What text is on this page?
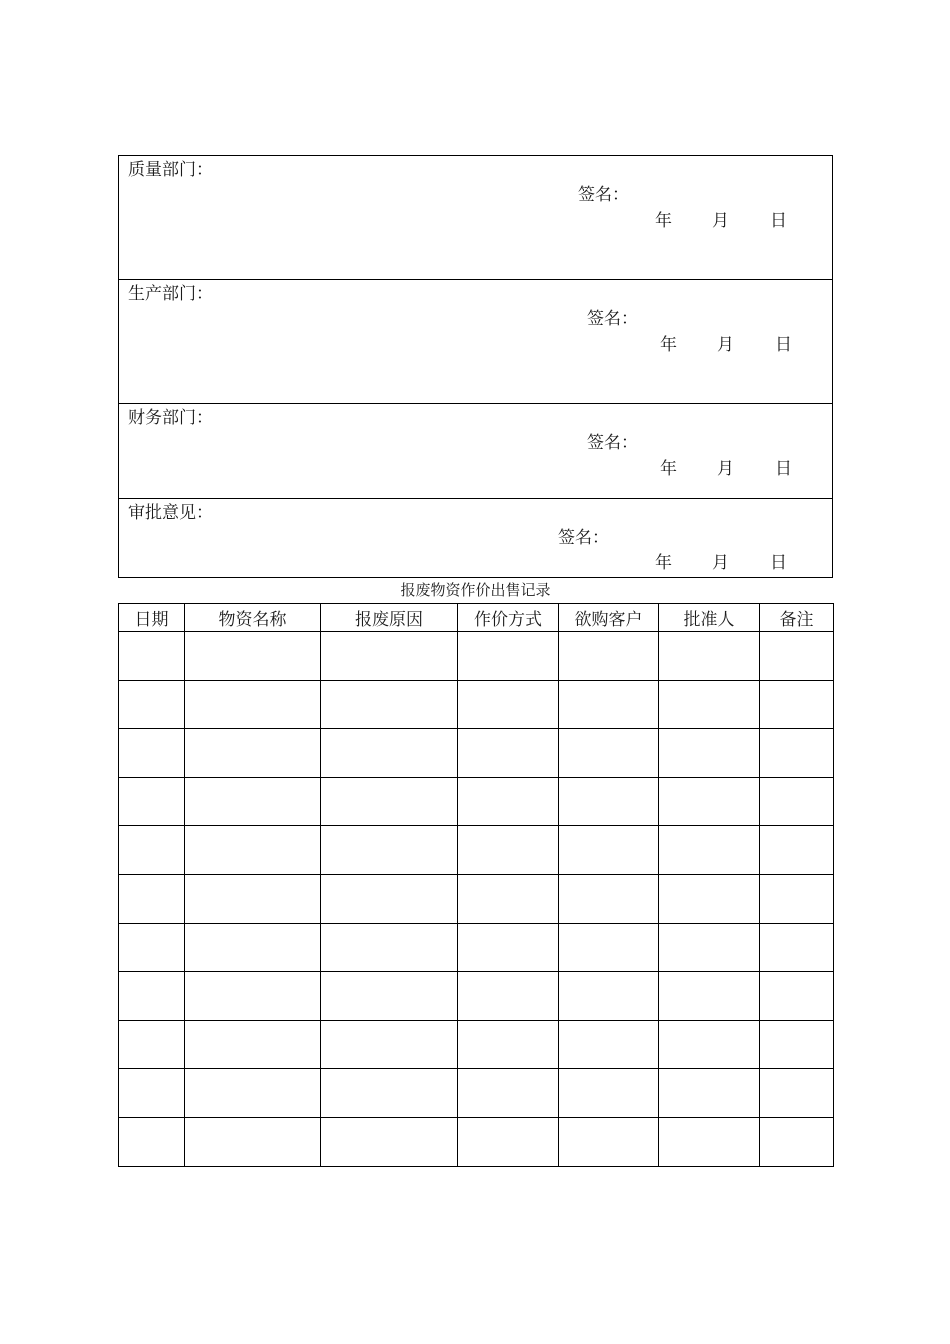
质量部门：
签名：
年 月 日
生产部门：
签名：
年 月 日
财务部门：
签名：
年 月 日
审批意见：
签名：
年 月 日
报废物资作价出售记录
日期	物资名称	报废原因	作价方式	欲购客户	批准人	备注
